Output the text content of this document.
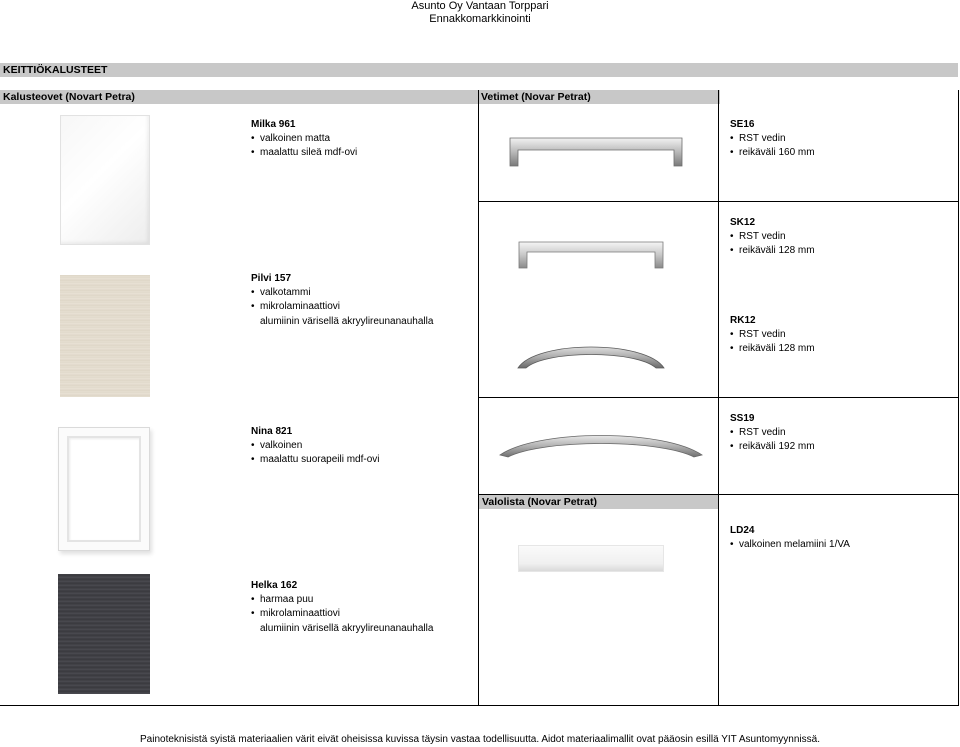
Asunto Oy Vantaan Torppari
Ennakkomarkkinointi
KEITTIÖKALUSTEET
Kalusteovet (Novart Petra)	Vetimet (Novar Petrat)
Valolista (Novar Petrat)
Milka 961
• valkoinen matta
• maalattu sileä mdf-ovi
Pilvi 157
• valkotammi
• mikrolaminaattiovi
alumiinin värisellä akryylireunanauhalla
Nina 821
• valkoinen
• maalattu suorapeili mdf-ovi
Helka 162
• harmaa puu
• mikrolaminaattiovi
alumiinin värisellä akryylireunanauhalla
SE16
• RST vedin
• reikäväli 160 mm
SK12
• RST vedin
• reikäväli 128 mm
RK12
• RST vedin
• reikäväli 128 mm
SS19
• RST vedin
• reikäväli 192 mm
LD24
• valkoinen melamiini 1/VA
Painoteknisistä syistä materiaalien värit eivät oheisissa kuvissa täysin vastaa todellisuutta. Aidot materiaalimallit ovat pääosin esillä YIT Asuntomyynnissä.
